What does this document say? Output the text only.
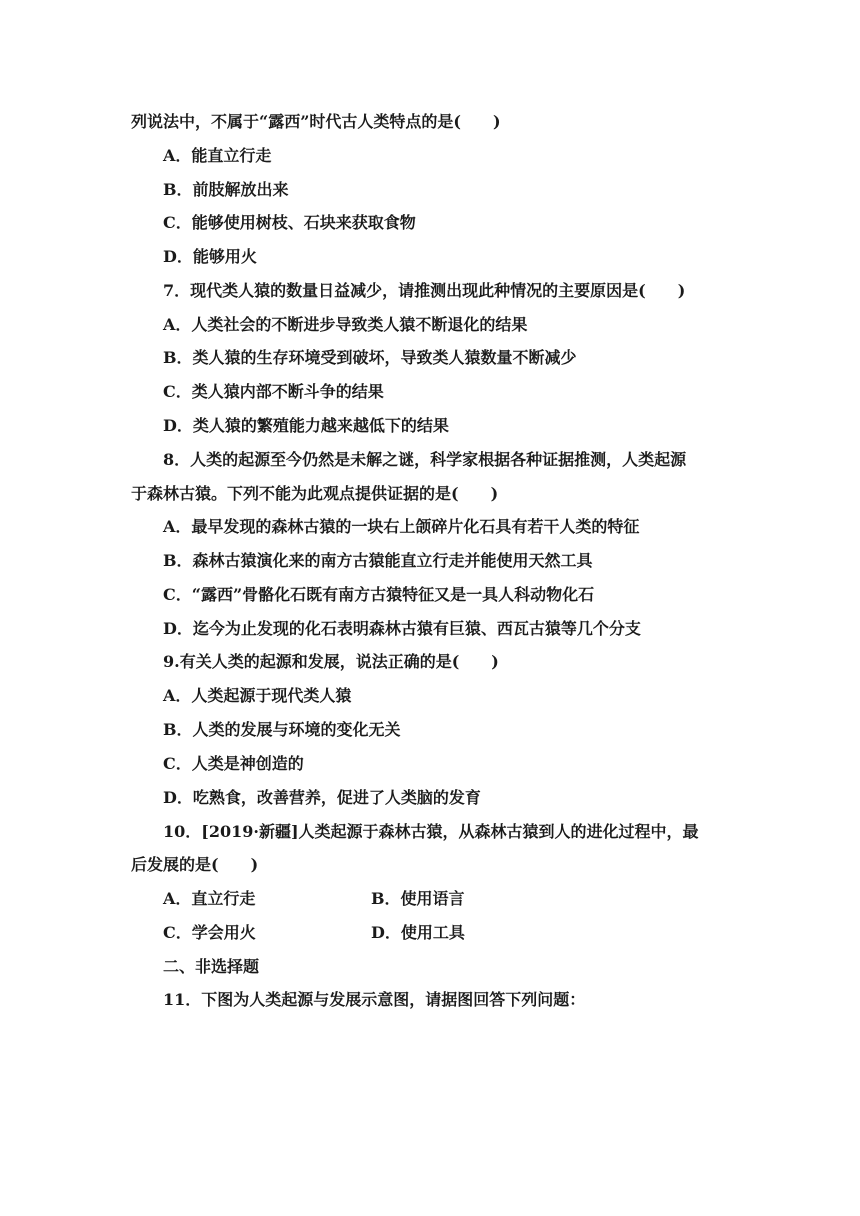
列说法中，不属于“露西”时代古人类特点的是(　　)
A．能直立行走
B．前肢解放出来
C．能够使用树枝、石块来获取食物
D．能够用火
7．现代类人猿的数量日益减少，请推测出现此种情况的主要原因是(　　)
A．人类社会的不断进步导致类人猿不断退化的结果
B．类人猿的生存环境受到破坏，导致类人猿数量不断减少
C．类人猿内部不断斗争的结果
D．类人猿的繁殖能力越来越低下的结果
8．人类的起源至今仍然是未解之谜，科学家根据各种证据推测，人类起源
于森林古猿。下列不能为此观点提供证据的是(　　)
A．最早发现的森林古猿的一块右上颌碎片化石具有若干人类的特征
B．森林古猿演化来的南方古猿能直立行走并能使用天然工具
C．“露西”骨骼化石既有南方古猿特征又是一具人科动物化石
D．迄今为止发现的化石表明森林古猿有巨猿、西瓦古猿等几个分支
9.有关人类的起源和发展，说法正确的是(　　)
A．人类起源于现代类人猿
B．人类的发展与环境的变化无关
C．人类是神创造的
D．吃熟食，改善营养，促进了人类脑的发育
10．[2019·新疆]人类起源于森林古猿，从森林古猿到人的进化过程中，最
后发展的是(　　)
A．直立行走	B．使用语言
C．学会用火	D．使用工具
二、非选择题
11．下图为人类起源与发展示意图，请据图回答下列问题：
